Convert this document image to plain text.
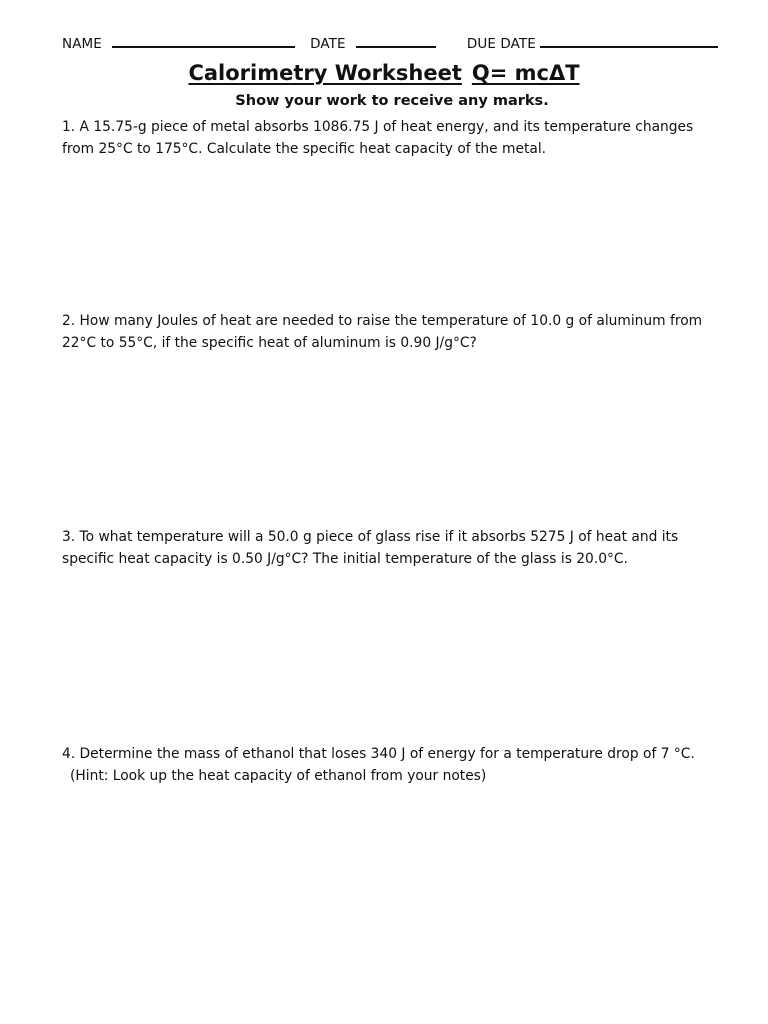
NAME	DATE	DUE DATE
Calorimetry Worksheet Q= mcΔT
Show your work to receive any marks.
1. A 15.75-g piece of metal absorbs 1086.75 J of heat energy, and its temperature changes
from 25°C to 175°C. Calculate the specific heat capacity of the metal.
2. How many Joules of heat are needed to raise the temperature of 10.0 g of aluminum from
22°C to 55°C, if the specific heat of aluminum is 0.90 J/g°C?
3. To what temperature will a 50.0 g piece of glass rise if it absorbs 5275 J of heat and its
specific heat capacity is 0.50 J/g°C? The initial temperature of the glass is 20.0°C.
4. Determine the mass of ethanol that loses 340 J of energy for a temperature drop of 7 °C.
(Hint: Look up the heat capacity of ethanol from your notes)
